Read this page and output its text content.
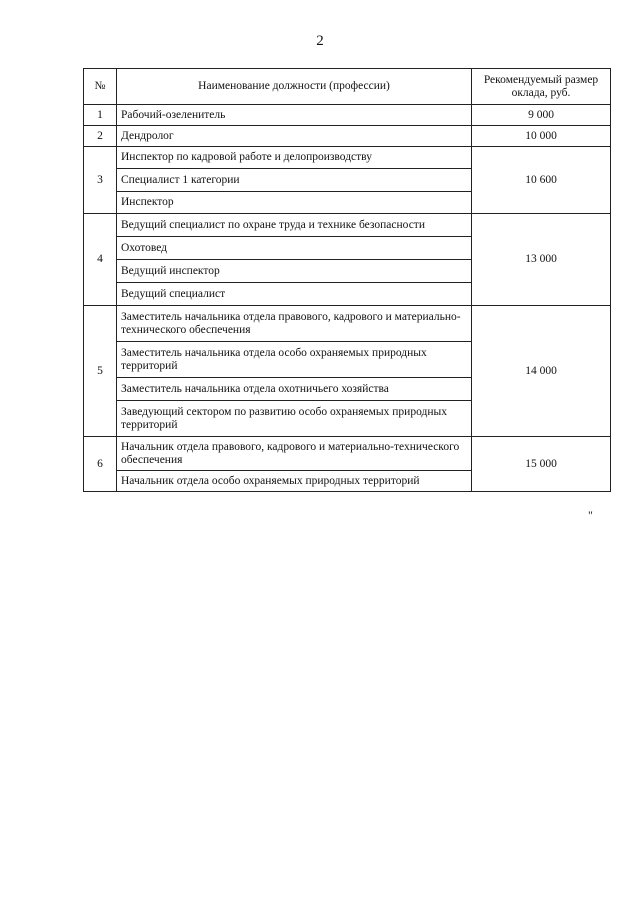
2
№	Наименование должности (профессии)	Рекомендуемый размер оклада, руб.
1	Рабочий-озеленитель	9 000
2	Дендролог	10 000
3	Инспектор по кадровой работе и делопроизводству	10 600
	Специалист 1 категории	
	Инспектор	
4	Ведущий специалист по охране труда и технике безопасности	13 000
	Охотовед	
	Ведущий инспектор	
	Ведущий специалист	
5	Заместитель начальника отдела правового, кадрового и материально-технического обеспечения	14 000
	Заместитель начальника отдела особо охраняемых природных территорий	
	Заместитель начальника отдела охотничьего хозяйства	
	Заведующий сектором по развитию особо охраняемых природных территорий	
6	Начальник отдела правового, кадрового и материально-технического обеспечения	15 000
	Начальник отдела особо охраняемых природных территорий	
"
